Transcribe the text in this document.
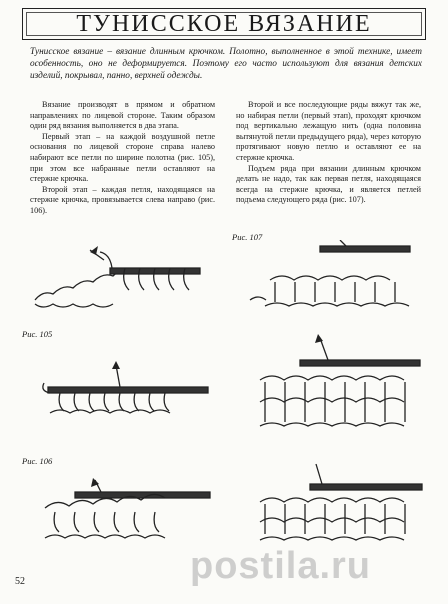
ТУНИССКОЕ ВЯЗАНИЕ
Тунисское вязание – вязание длинным крючком. Полотно, выполненное в этой технике, имеет особенность, оно не деформируется. Поэтому его часто используют для вязания детских изделий, покрывал, панно, верхней одежды.

Вязание производят в прямом и обратном направлениях по лицевой стороне. Таким образом один ряд вязания выполняется в два этапа.

Первый этап – на каждой воздушной петле основания по лицевой стороне справа налево набирают все петли по ширине полотна (рис. 105), при этом все набранные петли оставляют на стержне крючка.

Второй этап – каждая петля, находящаяся на стержне крючка, провязывается слева направо (рис. 106).

Второй и все последующие ряды вяжут так же, но набирая петли (первый этап), проходят крючком под вертикально лежащую нить (одна половина вытянутой петли предыдущего ряда), через которую протягивают новую петлю и оставляют ее на стержне крючка.

Подъем ряда при вязании длинным крючком делать не надо, так как первая петля, находящаяся всегда на стержне крючка, и является петлей подъема следующего ряда (рис. 107).

Рис. 105
Рис. 106
Рис. 107
postila.ru
52
